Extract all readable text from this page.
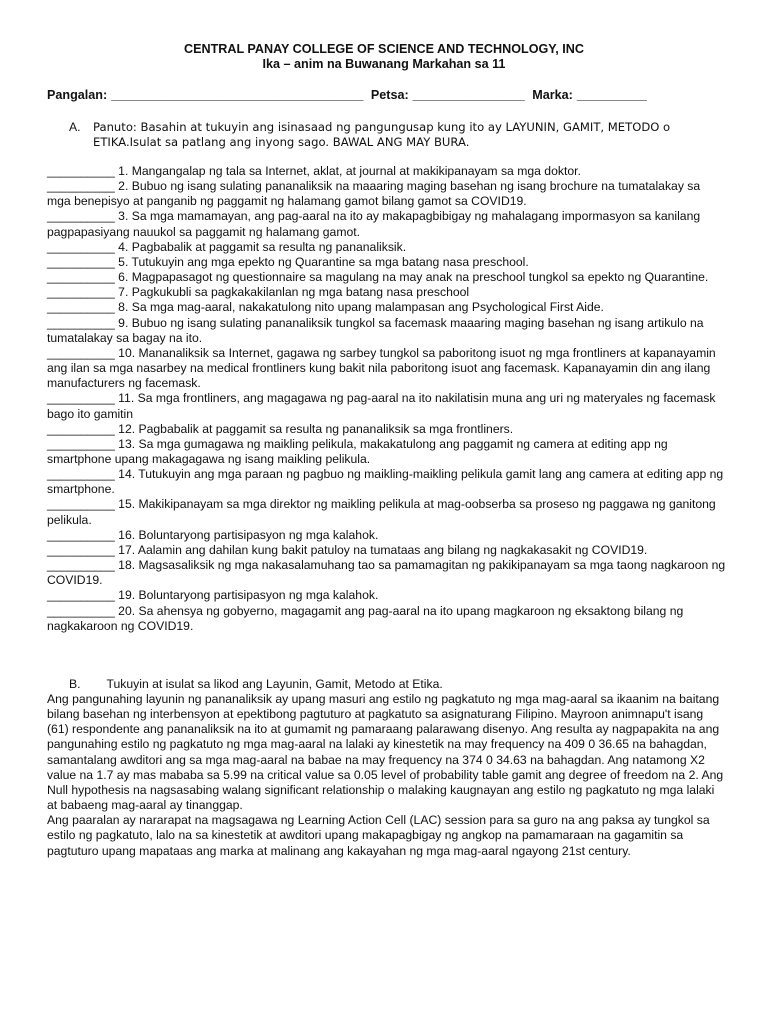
CENTRAL PANAY COLLEGE OF SCIENCE AND TECHNOLOGY, INC
Ika – anim na Buwanang Markahan sa 11
Pangalan: ____________________________________ Petsa: ________________ Marka: __________
A.	Panuto: Basahin at tukuyin ang isinasaad ng pangungusap kung ito ay LAYUNIN, GAMIT, METODO o ETIKA.Isulat sa patlang ang inyong sago. BAWAL ANG MAY BURA.

__________ 1. Mangangalap ng tala sa Internet, aklat, at journal at makikipanayam sa mga doktor.

__________ 2. Bubuo ng isang sulating pananaliksik na maaaring maging basehan ng isang brochure na tumatalakay sa mga benepisyo at panganib ng paggamit ng halamang gamot bilang gamot sa COVID19.

__________ 3. Sa mga mamamayan, ang pag-aaral na ito ay makapagbibigay ng mahalagang impormasyon sa kanilang pagpapasiyang nauukol sa paggamit ng halamang gamot.

__________ 4. Pagbabalik at paggamit sa resulta ng pananaliksik.

__________ 5. Tutukuyin ang mga epekto ng Quarantine sa mga batang nasa preschool.

__________ 6. Magpapasagot ng questionnaire sa magulang na may anak na preschool tungkol sa epekto ng Quarantine.

__________ 7. Pagkukubli sa pagkakakilanlan ng mga batang nasa preschool

__________ 8. Sa mga mag-aaral, nakakatulong nito upang malampasan ang Psychological First Aide.

__________ 9. Bubuo ng isang sulating pananaliksik tungkol sa facemask maaaring maging basehan ng isang artikulo na tumatalakay sa bagay na ito.

__________ 10. Mananaliksik sa Internet, gagawa ng sarbey tungkol sa paboritong isuot ng mga frontliners at kapanayamin ang ilan sa mga nasarbey na medical frontliners kung bakit nila paboritong isuot ang facemask. Kapanayamin din ang ilang manufacturers ng facemask.

__________ 11. Sa mga frontliners, ang magagawa ng pag-aaral na ito nakilatisin muna ang uri ng materyales ng facemask bago ito gamitin

__________ 12. Pagbabalik at paggamit sa resulta ng pananaliksik sa mga frontliners.

__________ 13. Sa mga gumagawa ng maikling pelikula, makakatulong ang paggamit ng camera at editing app ng smartphone upang makagagawa ng isang maikling pelikula.

__________ 14. Tutukuyin ang mga paraan ng pagbuo ng maikling-maikling pelikula gamit lang ang camera at editing app ng smartphone.

__________ 15. Makikipanayam sa mga direktor ng maikling pelikula at mag-oobserba sa proseso ng paggawa ng ganitong pelikula.

__________ 16. Boluntaryong partisipasyon ng mga kalahok.

__________ 17. Aalamin ang dahilan kung bakit patuloy na tumataas ang bilang ng nagkakasakit ng COVID19.

__________ 18. Magsasaliksik ng mga nakasalamuhang tao sa pamamagitan ng pakikipanayam sa mga taong nagkaroon ng COVID19.

__________ 19. Boluntaryong partisipasyon ng mga kalahok.

__________ 20. Sa ahensya ng gobyerno, magagamit ang pag-aaral na ito upang magkaroon ng eksaktong bilang ng nagkakaroon ng COVID19.

B. Tukuyin at isulat sa likod ang Layunin, Gamit, Metodo at Etika.

Ang pangunahing layunin ng pananaliksik ay upang masuri ang estilo ng pagkatuto ng mga mag-aaral sa ikaanim na baitang bilang basehan ng interbensyon at epektibong pagtuturo at pagkatuto sa asignaturang Filipino. Mayroon animnapu't isang (61) respondente ang pananaliksik na ito at gumamit ng pamaraang palarawang disenyo. Ang resulta ay nagpapakita na ang pangunahing estilo ng pagkatuto ng mga mag-aaral na lalaki ay kinestetik na may frequency na 409 0 36.65 na bahagdan, samantalang awditori ang sa mga mag-aaral na babae na may frequency na 374 0 34.63 na bahagdan. Ang natamong X2 value na 1.7 ay mas mababa sa 5.99 na critical value sa 0.05 level of probability table gamit ang degree of freedom na 2. Ang Null hypothesis na nagsasabing walang significant relationship o malaking kaugnayan ang estilo ng pagkatuto ng mga lalaki at babaeng mag-aaral ay tinanggap.

Ang paaralan ay nararapat na magsagawa ng Learning Action Cell (LAC) session para sa guro na ang paksa ay tungkol sa estilo ng pagkatuto, lalo na sa kinestetik at awditori upang makapagbigay ng angkop na pamamaraan na gagamitin sa pagtuturo upang mapataas ang marka at malinang ang kakayahan ng mga mag-aaral ngayong 21st century.
